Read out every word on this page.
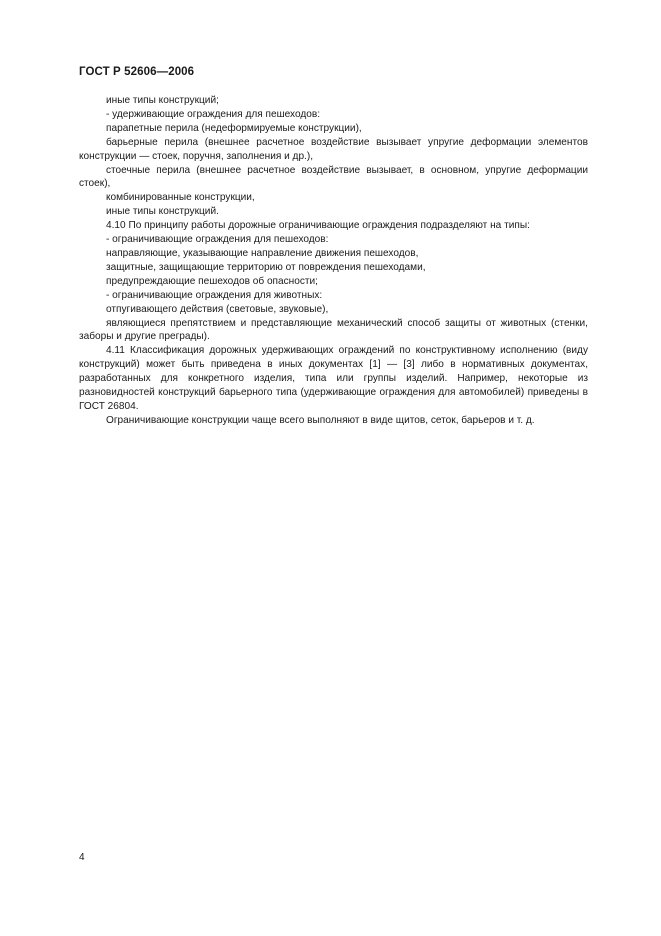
ГОСТ Р 52606—2006

иные типы конструкций;

- удерживающие ограждения для пешеходов:

парапетные перила (недеформируемые конструкции),

барьерные перила (внешнее расчетное воздействие вызывает упругие деформации элементов конструкции — стоек, поручня, заполнения и др.),

стоечные перила (внешнее расчетное воздействие вызывает, в основном, упругие деформации стоек),

комбинированные конструкции,

иные типы конструкций.

4.10 По принципу работы дорожные ограничивающие ограждения подразделяют на типы:

- ограничивающие ограждения для пешеходов:

направляющие, указывающие направление движения пешеходов,

защитные, защищающие территорию от повреждения пешеходами,

предупреждающие пешеходов об опасности;

- ограничивающие ограждения для животных:

отпугивающего действия (световые, звуковые),

являющиеся препятствием и представляющие механический способ защиты от животных (стенки, заборы и другие преграды).

4.11 Классификация дорожных удерживающих ограждений по конструктивному исполнению (виду конструкций) может быть приведена в иных документах [1] — [3] либо в нормативных документах, разработанных для конкретного изделия, типа или группы изделий. Например, некоторые из разновидностей конструкций барьерного типа (удерживающие ограждения для автомобилей) приведены в ГОСТ 26804.

Ограничивающие конструкции чаще всего выполняют в виде щитов, сеток, барьеров и т. д.

4
